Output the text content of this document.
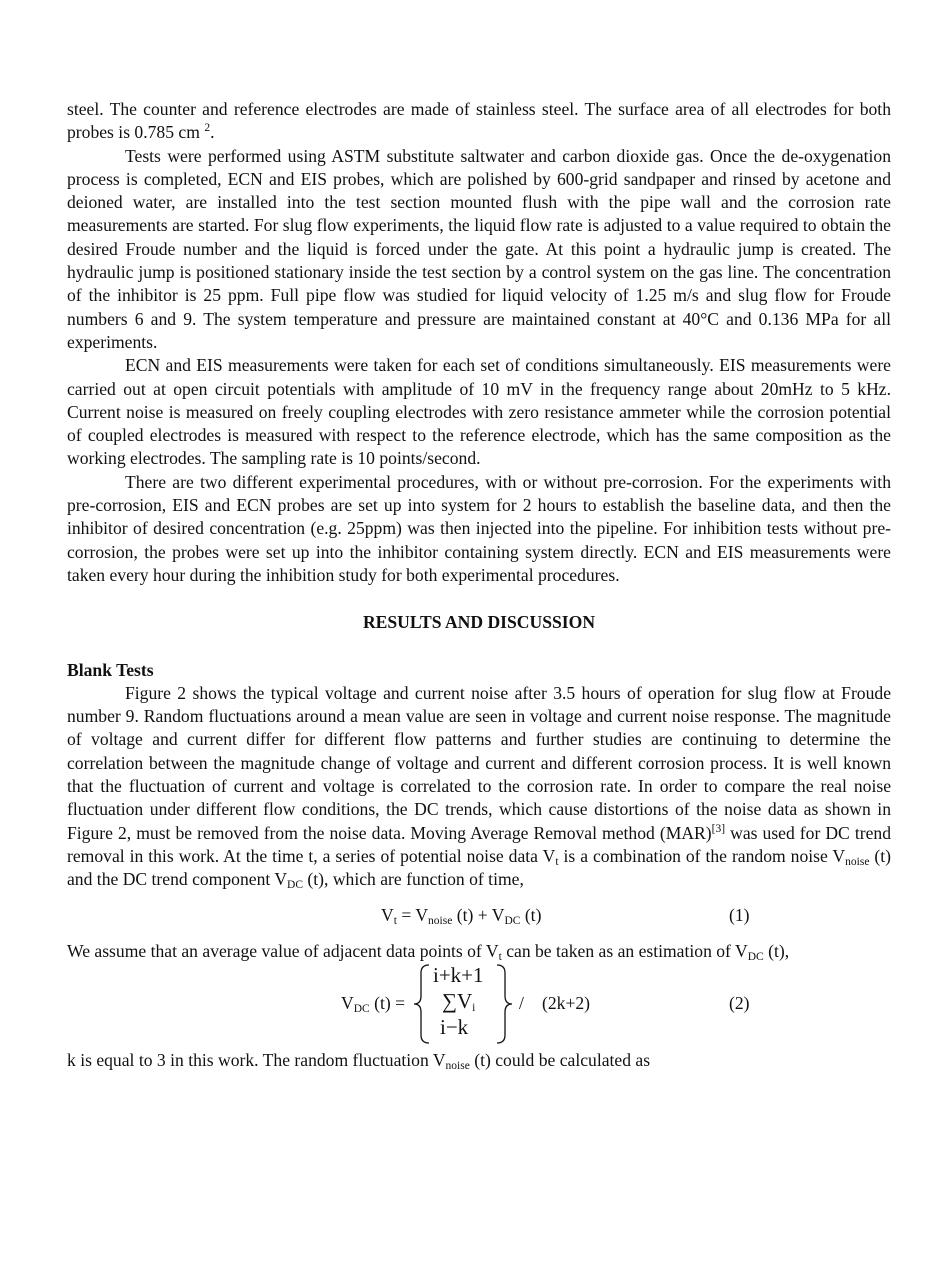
steel. The counter and reference electrodes are made of stainless steel. The surface area of all electrodes for both probes is 0.785 cm $^2$.

Tests were performed using ASTM substitute saltwater and carbon dioxide gas. Once the de-oxygenation process is completed, ECN and EIS probes, which are polished by 600-grid sandpaper and rinsed by acetone and deioned water, are installed into the test section mounted flush with the pipe wall and the corrosion rate measurements are started. For slug flow experiments, the liquid flow rate is adjusted to a value required to obtain the desired Froude number and the liquid is forced under the gate. At this point a hydraulic jump is created. The hydraulic jump is positioned stationary inside the test section by a control system on the gas line. The concentration of the inhibitor is 25 ppm. Full pipe flow was studied for liquid velocity of 1.25 m/s and slug flow for Froude numbers 6 and 9. The system temperature and pressure are maintained constant at 40°C and 0.136 MPa for all experiments.

ECN and EIS measurements were taken for each set of conditions simultaneously. EIS measurements were carried out at open circuit potentials with amplitude of 10 mV in the frequency range about 20mHz to 5 kHz. Current noise is measured on freely coupling electrodes with zero resistance ammeter while the corrosion potential of coupled electrodes is measured with respect to the reference electrode, which has the same composition as the working electrodes. The sampling rate is 10 points/second.

There are two different experimental procedures, with or without pre-corrosion. For the experiments with pre-corrosion, EIS and ECN probes are set up into system for 2 hours to establish the baseline data, and then the inhibitor of desired concentration (e.g. 25ppm) was then injected into the pipeline. For inhibition tests without pre-corrosion, the probes were set up into the inhibitor containing system directly. ECN and EIS measurements were taken every hour during the inhibition study for both experimental procedures.

RESULTS AND DISCUSSION

Blank Tests

Figure 2 shows the typical voltage and current noise after 3.5 hours of operation for slug flow at Froude number 9. Random fluctuations around a mean value are seen in voltage and current noise response. The magnitude of voltage and current differ for different flow patterns and further studies are continuing to determine the correlation between the magnitude change of voltage and current and different corrosion process. It is well known that the fluctuation of current and voltage is correlated to the corrosion rate. In order to compare the real noise fluctuation under different flow conditions, the DC trends, which cause distortions of the noise data as shown in Figure 2, must be removed from the noise data. Moving Average Removal method (MAR)[3] was used for DC trend removal in this work. At the time t, a series of potential noise data $V_t$ is a combination of the random noise $V_{noise}$ (t) and the DC trend component $V_{DC}$ (t), which are function of time,

$V_t = V_{noise}$ $(t) + V_{DC}$ (t)	(1)

We assume that an average value of adjacent data points of $V_t$ can be taken as an estimation of $V_{DC}$ (t),

$V_{DC}$ (t) =
i+k+1
$\sum V_i$
i−k
/ (2k+2)	(2)

k is equal to 3 in this work. The random fluctuation $V_{noise}$ (t) could be calculated as
